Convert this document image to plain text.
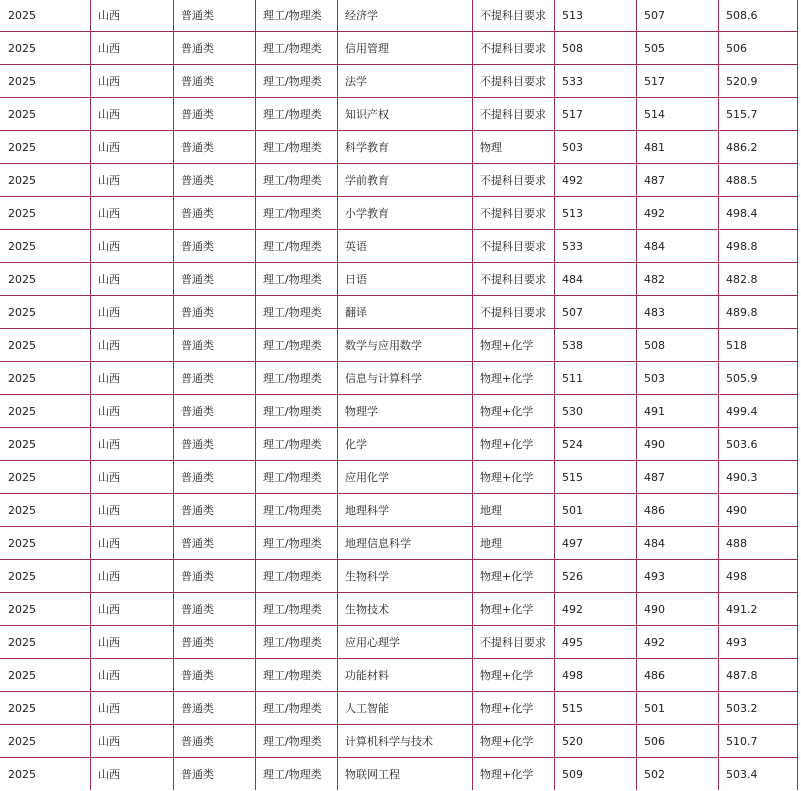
2025	山西	普通类	理工/物理类	经济学	不提科目要求	513	507	508.6
2025	山西	普通类	理工/物理类	信用管理	不提科目要求	508	505	506
2025	山西	普通类	理工/物理类	法学	不提科目要求	533	517	520.9
2025	山西	普通类	理工/物理类	知识产权	不提科目要求	517	514	515.7
2025	山西	普通类	理工/物理类	科学教育	物理	503	481	486.2
2025	山西	普通类	理工/物理类	学前教育	不提科目要求	492	487	488.5
2025	山西	普通类	理工/物理类	小学教育	不提科目要求	513	492	498.4
2025	山西	普通类	理工/物理类	英语	不提科目要求	533	484	498.8
2025	山西	普通类	理工/物理类	日语	不提科目要求	484	482	482.8
2025	山西	普通类	理工/物理类	翻译	不提科目要求	507	483	489.8
2025	山西	普通类	理工/物理类	数学与应用数学	物理+化学	538	508	518
2025	山西	普通类	理工/物理类	信息与计算科学	物理+化学	511	503	505.9
2025	山西	普通类	理工/物理类	物理学	物理+化学	530	491	499.4
2025	山西	普通类	理工/物理类	化学	物理+化学	524	490	503.6
2025	山西	普通类	理工/物理类	应用化学	物理+化学	515	487	490.3
2025	山西	普通类	理工/物理类	地理科学	地理	501	486	490
2025	山西	普通类	理工/物理类	地理信息科学	地理	497	484	488
2025	山西	普通类	理工/物理类	生物科学	物理+化学	526	493	498
2025	山西	普通类	理工/物理类	生物技术	物理+化学	492	490	491.2
2025	山西	普通类	理工/物理类	应用心理学	不提科目要求	495	492	493
2025	山西	普通类	理工/物理类	功能材料	物理+化学	498	486	487.8
2025	山西	普通类	理工/物理类	人工智能	物理+化学	515	501	503.2
2025	山西	普通类	理工/物理类	计算机科学与技术	物理+化学	520	506	510.7
2025	山西	普通类	理工/物理类	物联网工程	物理+化学	509	502	503.4
